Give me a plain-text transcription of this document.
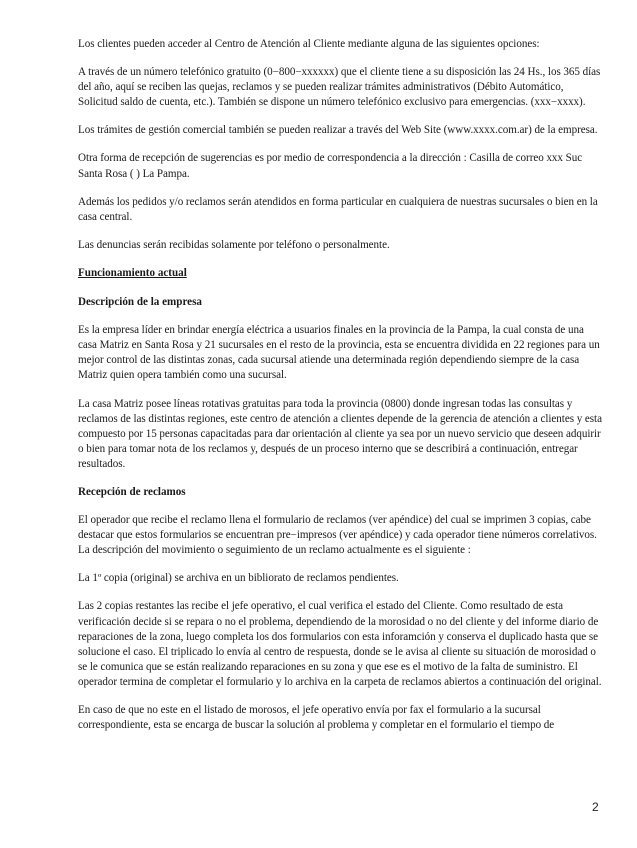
Los clientes pueden acceder al Centro de Atención al Cliente mediante alguna de las siguientes opciones:

A través de un número telefónico gratuito (0−800−xxxxxx) que el cliente tiene a su disposición las 24 Hs., los 365 días del año, aquí se reciben las quejas, reclamos y se pueden realizar trámites administrativos (Débito Automático, Solicitud saldo de cuenta, etc.). También se dispone un número telefónico exclusivo para emergencias. (xxx−xxxx).

Los trámites de gestión comercial también se pueden realizar a través del Web Site (www.xxxx.com.ar) de la empresa.

Otra forma de recepción de sugerencias es por medio de correspondencia a la dirección : Casilla de correo xxx Suc Santa Rosa ( ) La Pampa.

Además los pedidos y/o reclamos serán atendidos en forma particular en cualquiera de nuestras sucursales o bien en la casa central.

Las denuncias serán recibidas solamente por teléfono o personalmente.

Funcionamiento actual

Descripción de la empresa

Es la empresa líder en brindar energía eléctrica a usuarios finales en la provincia de la Pampa, la cual consta de una casa Matriz en Santa Rosa y 21 sucursales en el resto de la provincia, esta se encuentra dividida en 22 regiones para un mejor control de las distintas zonas, cada sucursal atiende una determinada región dependiendo siempre de la casa Matriz quien opera también como una sucursal.

La casa Matriz posee líneas rotativas gratuitas para toda la provincia (0800) donde ingresan todas las consultas y reclamos de las distintas regiones, este centro de atención a clientes depende de la gerencia de atención a clientes y esta compuesto por 15 personas capacitadas para dar orientación al cliente ya sea por un nuevo servicio que deseen adquirir o bien para tomar nota de los reclamos y, después de un proceso interno que se describirá a continuación, entregar resultados.

Recepción de reclamos

El operador que recibe el reclamo llena el formulario de reclamos (ver apéndice) del cual se imprimen 3 copias, cabe destacar que estos formularios se encuentran pre−impresos (ver apéndice) y cada operador tiene números correlativos. La descripción del movimiento o seguimiento de un reclamo actualmente es el siguiente :

La 1º copia (original) se archiva en un bibliorato de reclamos pendientes.

Las 2 copias restantes las recibe el jefe operativo, el cual verifica el estado del Cliente. Como resultado de esta verificación decide si se repara o no el problema, dependiendo de la morosidad o no del cliente y del informe diario de reparaciones de la zona, luego completa los dos formularios con esta inforamción y conserva el duplicado hasta que se solucione el caso. El triplicado lo envía al centro de respuesta, donde se le avisa al cliente su situación de morosidad o se le comunica que se están realizando reparaciones en su zona y que ese es el motivo de la falta de suministro. El operador termina de completar el formulario y lo archiva en la carpeta de reclamos abiertos a continuación del original.

En caso de que no este en el listado de morosos, el jefe operativo envía por fax el formulario a la sucursal correspondiente, esta se encarga de buscar la solución al problema y completar en el formulario el tiempo de

2
